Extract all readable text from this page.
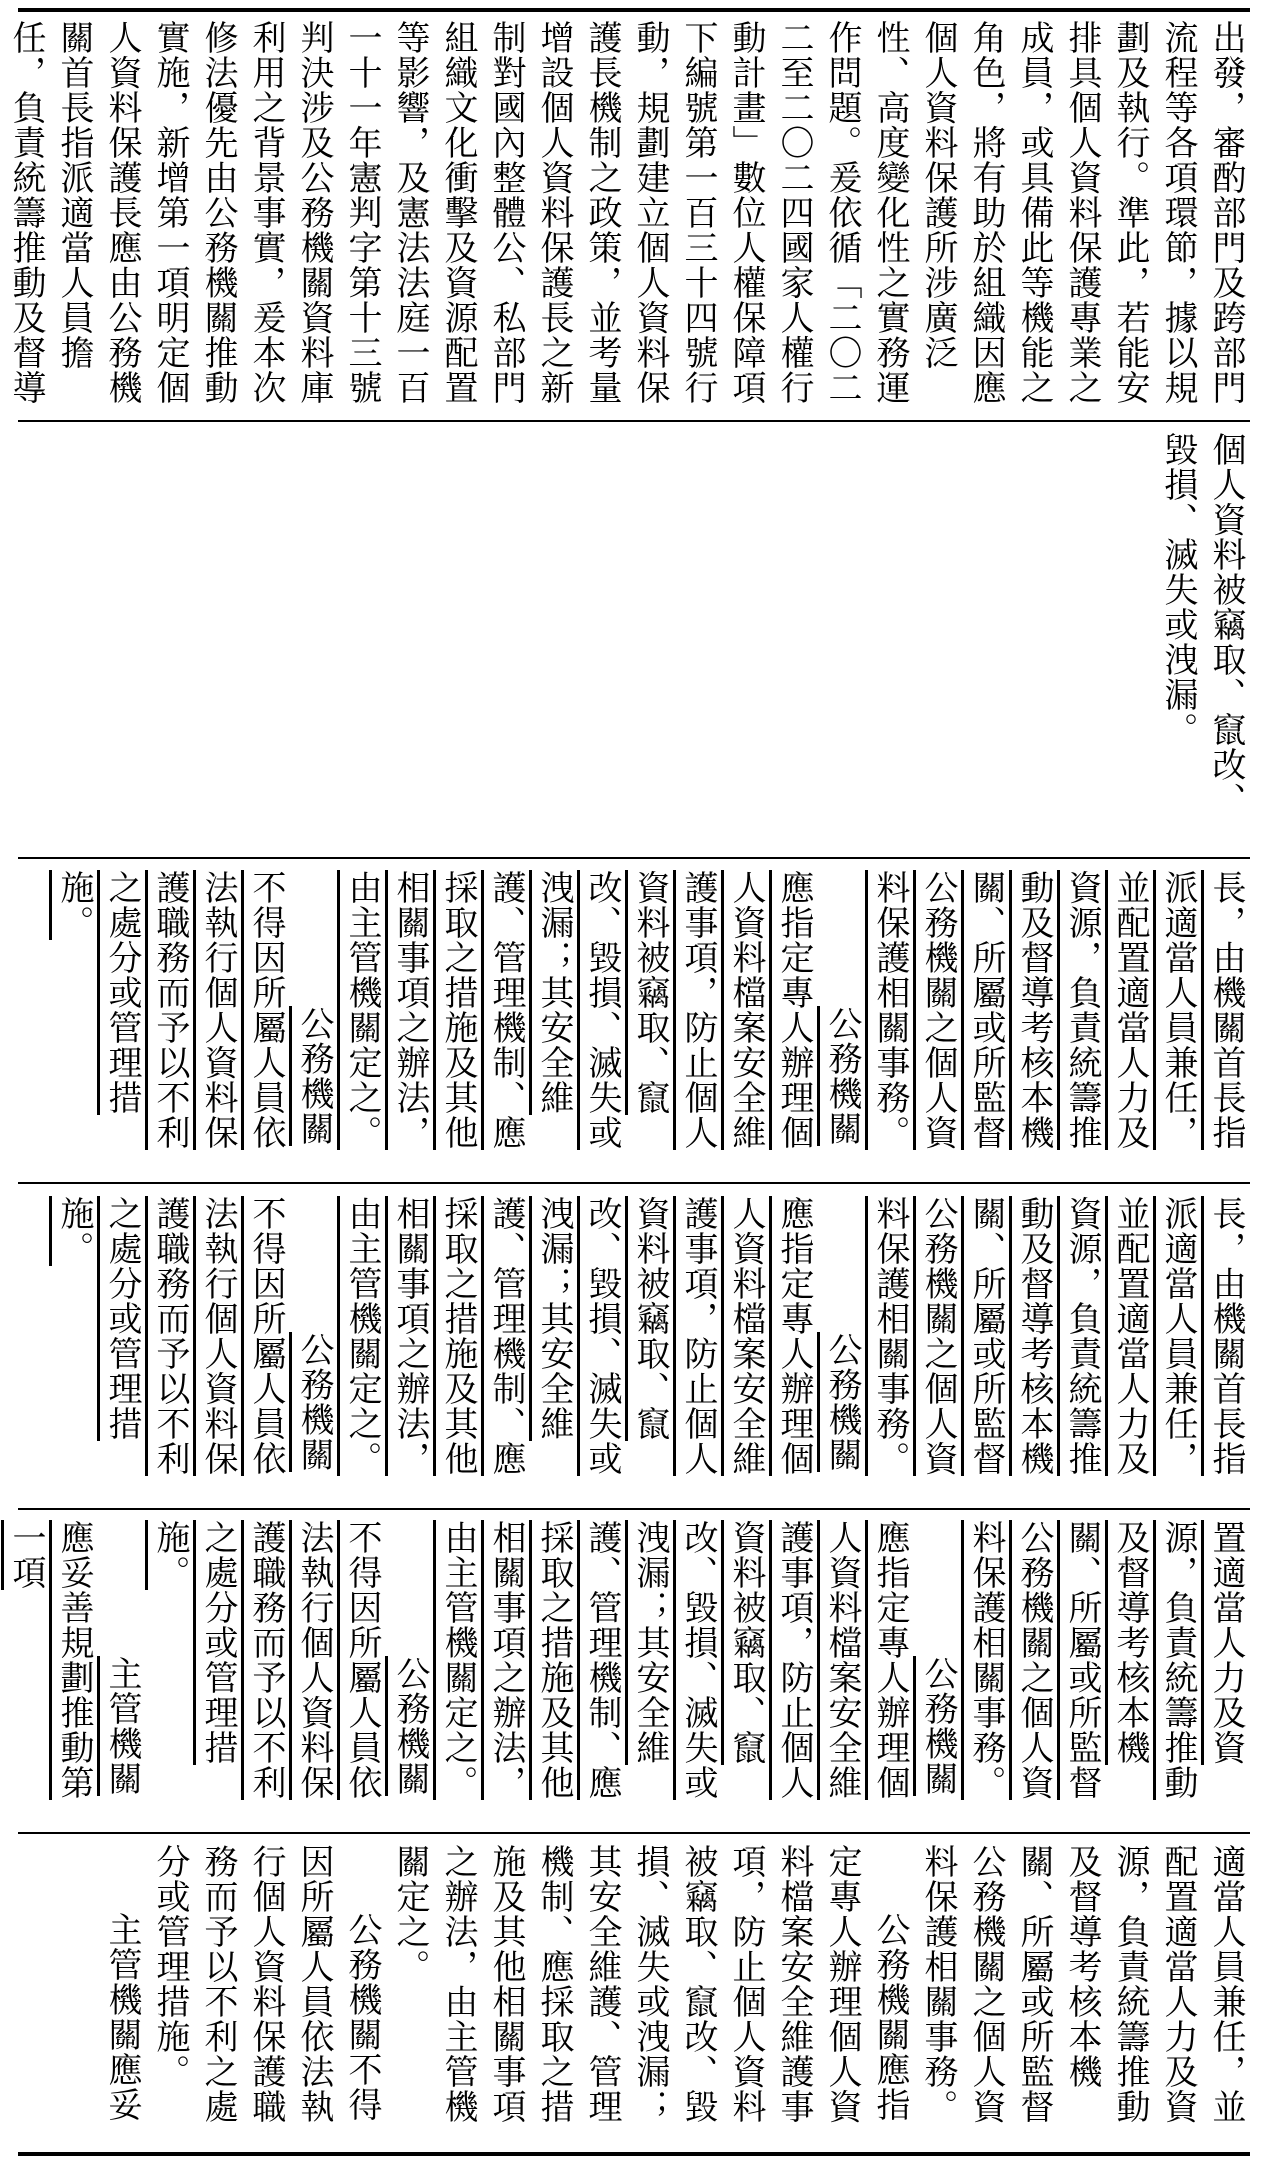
出發，審酌部門及跨部門流程等各項環節，據以規劃及執行。準此，若能安排具個人資料保護專業之成員，或具備此等機能之角色，將有助於組織因應個人資料保護所涉廣泛性、高度變化性之實務運作問題。爰依循「二〇二二至二〇二四國家人權行動計畫」數位人權保障項下編號第一百三十四號行動，規劃建立個人資料保護長機制之政策，並考量增設個人資料保護長之新制對國內整體公、私部門組織文化衝擊及資源配置等影響，及憲法法庭一百一十一年憲判字第十三號判決涉及公務機關資料庫利用之背景事實，爰本次修法優先由公務機關推動實施，新增第一項明定個人資料保護長應由公務機關首長指派適當人員擔任，負責統籌推動及督導

個人資料被竊取、竄改、毀損、滅失或洩漏。

長，由機關首長指派適當人員兼任，並配置適當人力及資源，負責統籌推動及督導考核本機關、所屬或所監督公務機關之個人資料保護相關事務。

公務機關應指定專人辦理個人資料檔案安全維護事項，防止個人資料被竊取、竄改、毀損、滅失或洩漏；其安全維護、管理機制、應採取之措施及其他相關事項之辦法，由主管機關定之。

公務機關不得因所屬人員依法執行個人資料保護職務而予以不利之處分或管理措施。

長，由機關首長指派適當人員兼任，並配置適當人力及資源，負責統籌推動及督導考核本機關、所屬或所監督公務機關之個人資料保護相關事務。

公務機關應指定專人辦理個人資料檔案安全維護事項，防止個人資料被竊取、竄改、毀損、滅失或洩漏；其安全維護、管理機制、應採取之措施及其他相關事項之辦法，由主管機關定之。

公務機關不得因所屬人員依法執行個人資料保護職務而予以不利之處分或管理措施。

置適當人力及資源，負責統籌推動及督導考核本機關、所屬或所監督公務機關之個人資料保護相關事務。

公務機關應指定專人辦理個人資料檔案安全維護事項，防止個人資料被竊取、竄改、毀損、滅失或洩漏；其安全維護、管理機制、應採取之措施及其他相關事項之辦法，由主管機關定之。

公務機關不得因所屬人員依法執行個人資料保護職務而予以不利之處分或管理措施。

主管機關應妥善規劃推動第一項

適當人員兼任，並配置適當人力及資源，負責統籌推動及督導考核本機關、所屬或所監督公務機關之個人資料保護相關事務。

公務機關應指定專人辦理個人資料檔案安全維護事項，防止個人資料被竊取、竄改、毀損、滅失或洩漏；其安全維護、管理機制、應採取之措施及其他相關事項之辦法，由主管機關定之。

公務機關不得因所屬人員依法執行個人資料保護職務而予以不利之處分或管理措施。

主管機關應妥
